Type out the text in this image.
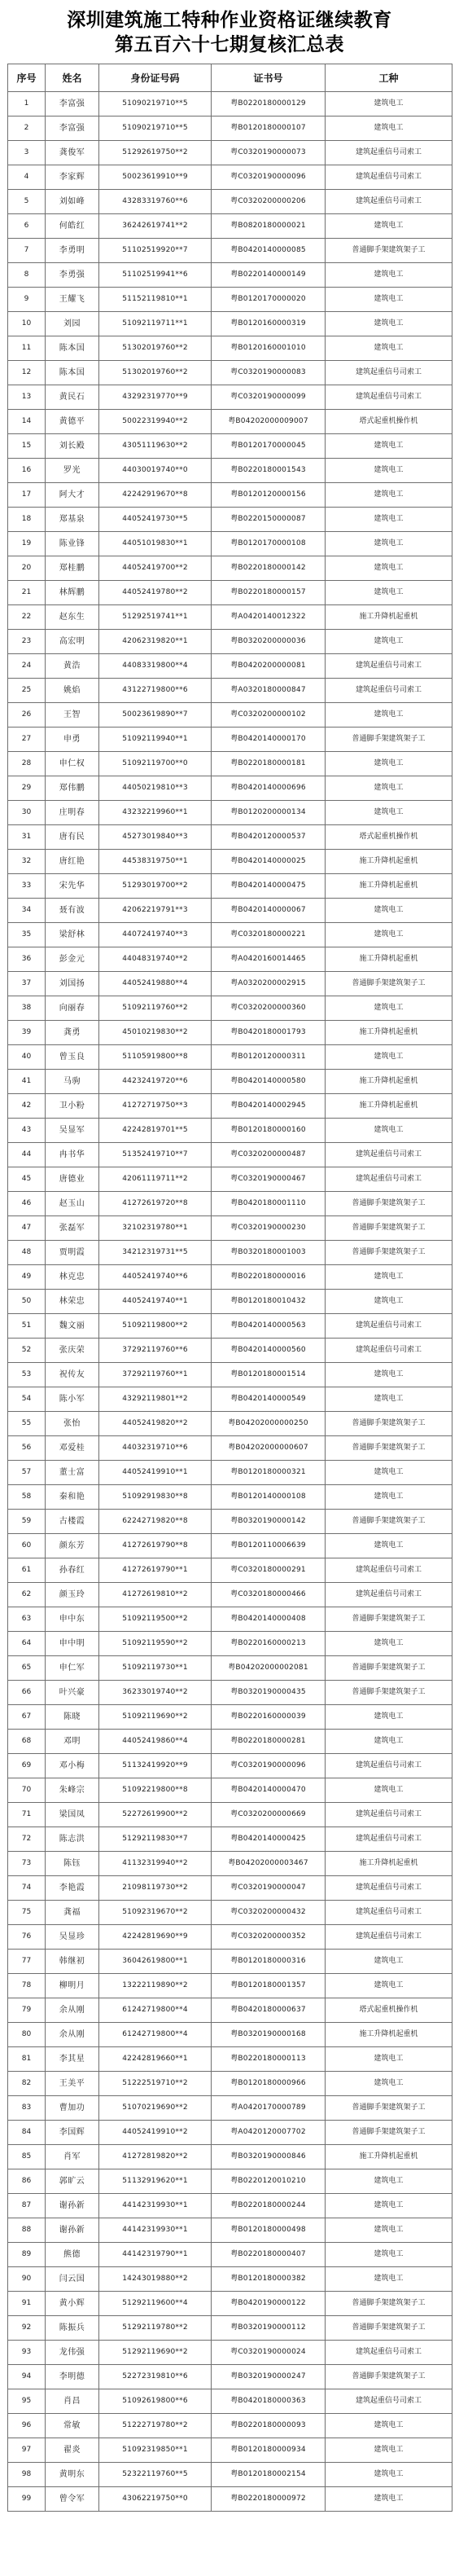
深圳建筑施工特种作业资格证继续教育
第五百六十七期复核汇总表
序号	姓名	身份证号码	证书号	工种
1	李富强	51090219710**5	粤B0220180000129	建筑电工
2	李富强	51090219710**5	粤B0120180000107	建筑电工
3	龚俊军	51292619750**2	粤C0320190000073	建筑起重信号司索工
4	李家辉	50023619910**9	粤C0320190000096	建筑起重信号司索工
5	刘如峰	43283319760**6	粤C0320200000206	建筑起重信号司索工
6	何皓红	36242619741**2	粤B0820180000021	建筑电工
7	李勇明	51102519920**7	粤B0420140000085	普通脚手架建筑架子工
8	李勇强	51102519941**6	粤B0220140000149	建筑电工
9	王耀飞	51152119810**1	粤B0120170000020	建筑电工
10	刘园	51092119711**1	粤B0120160000319	建筑电工
11	陈本国	51302019760**2	粤B0120160001010	建筑电工
12	陈本国	51302019760**2	粤C0320190000083	建筑起重信号司索工
13	黄民石	43292319770**9	粤C0320190000099	建筑起重信号司索工
14	黄德平	50022319940**2	粤B04202000009007	塔式起重机操作机
15	刘长殿	43051119630**2	粤B0120170000045	建筑电工
16	罗光	44030019740**0	粤B0220180001543	建筑电工
17	阿大才	42242919670**8	粤B0120120000156	建筑电工
18	郑基泉	44052419730**5	粤B0220150000087	建筑电工
19	陈业锋	44051019830**1	粤B0120170000108	建筑电工
20	郑桂鹏	44052419700**2	粤B0220180000142	建筑电工
21	林辉鹏	44052419780**2	粤B0220180000157	建筑电工
22	赵东生	51292519741**1	粤A0420140012322	施工升降机起重机
23	高宏明	42062319820**1	粤B0320200000036	建筑电工
24	黄浩	44083319800**4	粤B0420200000081	建筑起重信号司索工
25	姚焰	43122719800**6	粤A0320180000847	建筑起重信号司索工
26	王智	50023619890**7	粤C0320200000102	建筑电工
27	申勇	51092119940**1	粤B0420140000170	普通脚手架建筑架子工
28	申仁权	51092119700**0	粤B0220180000181	建筑电工
29	郑伟鹏	44050219810**3	粤B0420140000696	建筑电工
30	庄明春	43232219960**1	粤B0120200000134	建筑电工
31	唐有民	45273019840**3	粤B0420120000537	塔式起重机操作机
32	唐红艳	44538319750**1	粤B0420140000025	施工升降机起重机
33	宋先华	51293019700**2	粤B0420140000475	施工升降机起重机
34	聂有波	42062219791**3	粤B0420140000067	建筑电工
35	梁舒林	44072419740**3	粤C0320180000221	建筑电工
36	彭金元	44048319740**2	粤A0420160014465	施工升降机起重机
37	刘国扬	44052419880**4	粤A0320200002915	普通脚手架建筑架子工
38	向丽春	51092119760**2	粤C0320200000360	建筑电工
39	龚勇	45010219830**2	粤B0420180001793	施工升降机起重机
40	曾玉良	51105919800**8	粤B0120120000311	建筑电工
41	马驹	44232419720**6	粤B0420140000580	施工升降机起重机
42	卫小粉	41272719750**3	粤B0420140002945	施工升降机起重机
43	吴显军	42242819701**5	粤B0120180000160	建筑电工
44	冉书华	51352419710**7	粤C0320200000487	建筑起重信号司索工
45	唐德业	42061119711**2	粤C0320190000467	建筑起重信号司索工
46	赵玉山	41272619720**8	粤B0420180001110	普通脚手架建筑架子工
47	张磊军	32102319780**1	粤C0320190000230	普通脚手架建筑架子工
48	贾明霞	34212319731**5	粤B0320180001003	普通脚手架建筑架子工
49	林克忠	44052419740**6	粤B0220180000016	建筑电工
50	林荣忠	44052419740**1	粤B0120180010432	建筑电工
51	魏文丽	51092119800**2	粤B0420140000563	建筑起重信号司索工
52	张庆荣	37292119760**6	粤B0420140000560	建筑起重信号司索工
53	祝传友	37292119760**1	粤B0120180001514	建筑电工
54	陈小军	43292119801**2	粤B0420140000549	建筑电工
55	张怡	44052419820**2	粤B04202000000250	普通脚手架建筑架子工
56	邓爱桂	44032319710**6	粤B04202000000607	普通脚手架建筑架子工
57	董士富	44052419910**1	粤B0120180000321	建筑电工
58	秦和艳	51092919830**8	粤B0120140000108	建筑电工
59	古楼霞	62242719820**8	粤B0320190000142	普通脚手架建筑架子工
60	颜东芳	41272619790**8	粤B0120110006639	建筑电工
61	孙春红	41272619790**1	粤C0320180000291	建筑起重信号司索工
62	颜玉玲	41272619810**2	粤C0320180000466	建筑起重信号司索工
63	申中东	51092119500**2	粤B0420140000408	普通脚手架建筑架子工
64	申中明	51092119590**2	粤B0220160000213	建筑电工
65	申仁军	51092119730**1	粤B04202000002081	普通脚手架建筑架子工
66	叶兴豪	36233019740**2	粤B0320190000435	普通脚手架建筑架子工
67	陈晓	51092119690**2	粤B0220160000039	建筑电工
68	邓明	44052419860**4	粤B0220180000281	建筑电工
69	邓小梅	51132419920**9	粤C0320190000096	建筑起重信号司索工
70	朱峰宗	51092219800**8	粤B0420140000470	建筑电工
71	梁国凤	52272619900**2	粤C0320200000669	建筑起重信号司索工
72	陈志洪	51292119830**7	粤B0420140000425	建筑起重信号司索工
73	陈钰	41132319940**2	粤B04202000003467	施工升降机起重机
74	李艳霞	21098119730**2	粤C0320190000047	建筑起重信号司索工
75	龚福	51092319670**2	粤C0320200000432	建筑起重信号司索工
76	吴显珍	42242819690**9	粤C0320200000352	建筑起重信号司索工
77	韩继初	36042619800**1	粤B0120180000316	建筑电工
78	柳明月	13222119890**2	粤B0120180001357	建筑电工
79	余从刚	61242719800**4	粤B0420180000637	塔式起重机操作机
80	余从刚	61242719800**4	粤B0320190000168	施工升降机起重机
81	李其星	42242819660**1	粤B0220180000113	建筑电工
82	王美平	51222519710**2	粤B0120180000966	建筑电工
83	曹加功	51070219690**2	粤A0420170000789	普通脚手架建筑架子工
84	李国辉	44052419910**2	粤A0420120007702	普通脚手架建筑架子工
85	肖军	41272819820**2	粤B0320190000846	施工升降机起重机
86	郭旷云	51132919620**1	粤B0220120010210	建筑电工
87	谢孙新	44142319930**1	粤B0220180000244	建筑电工
88	谢孙新	44142319930**1	粤B0120180000498	建筑电工
89	熊德	44142319790**1	粤B0220180000407	建筑电工
90	闫云国	14243019880**2	粤B0120180000382	建筑电工
91	黄小辉	51292119600**4	粤B0420190000122	普通脚手架建筑架子工
92	陈振兵	51292119780**2	粤B0320190000112	普通脚手架建筑架子工
93	龙伟强	51292119690**2	粤C0320190000024	建筑起重信号司索工
94	李明德	52272319810**6	粤B0320190000247	普通脚手架建筑架子工
95	肖昌	51092619800**6	粤B0420180000363	建筑起重信号司索工
96	常敏	51222719780**2	粤B0220180000093	建筑电工
97	翟炎	51092319850**1	粤B0120180000934	建筑电工
98	黄明东	52322119760**5	粤B0120180002154	建筑电工
99	曾令军	43062219750**0	粤B0220180000972	建筑电工
